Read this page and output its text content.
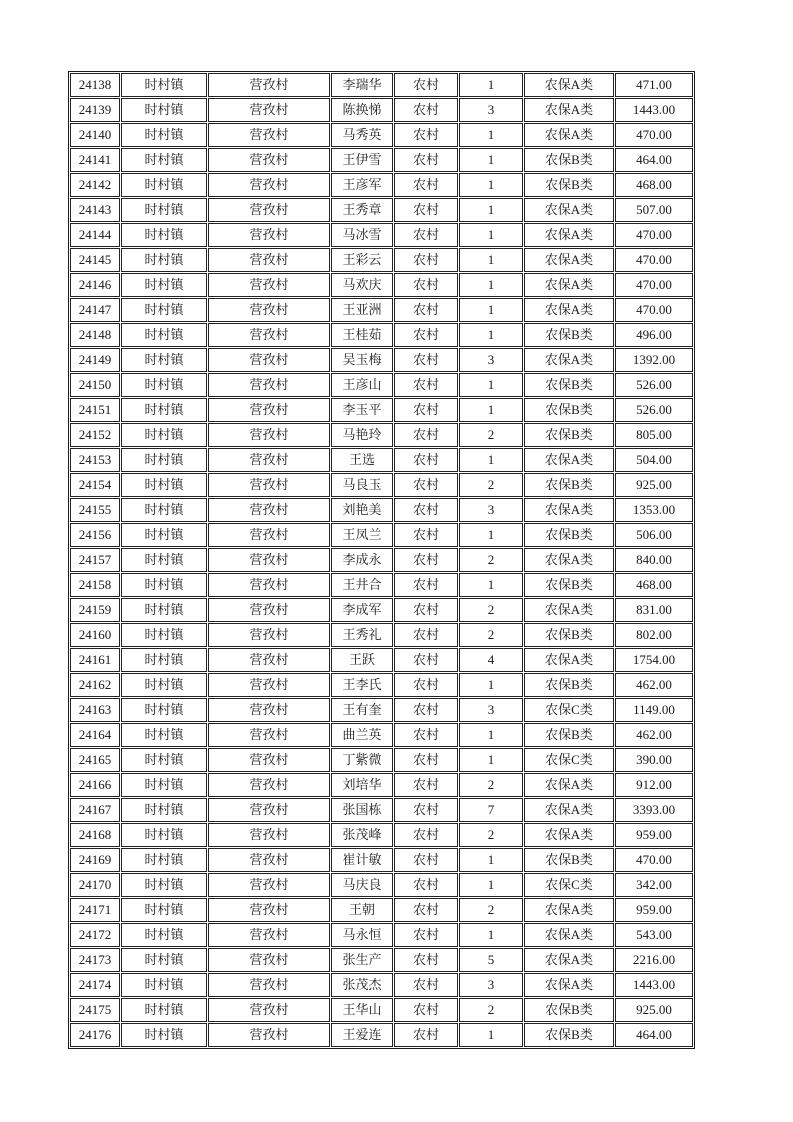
24138	时村镇	营孜村	李瑞华	农村	1	农保A类	471.00
24139	时村镇	营孜村	陈换悌	农村	3	农保A类	1443.00
24140	时村镇	营孜村	马秀英	农村	1	农保A类	470.00
24141	时村镇	营孜村	王伊雪	农村	1	农保B类	464.00
24142	时村镇	营孜村	王彦军	农村	1	农保B类	468.00
24143	时村镇	营孜村	王秀章	农村	1	农保A类	507.00
24144	时村镇	营孜村	马冰雪	农村	1	农保A类	470.00
24145	时村镇	营孜村	王彩云	农村	1	农保A类	470.00
24146	时村镇	营孜村	马欢庆	农村	1	农保A类	470.00
24147	时村镇	营孜村	王亚洲	农村	1	农保A类	470.00
24148	时村镇	营孜村	王桂茹	农村	1	农保B类	496.00
24149	时村镇	营孜村	吴玉梅	农村	3	农保A类	1392.00
24150	时村镇	营孜村	王彦山	农村	1	农保B类	526.00
24151	时村镇	营孜村	李玉平	农村	1	农保B类	526.00
24152	时村镇	营孜村	马艳玲	农村	2	农保B类	805.00
24153	时村镇	营孜村	王选	农村	1	农保A类	504.00
24154	时村镇	营孜村	马良玉	农村	2	农保B类	925.00
24155	时村镇	营孜村	刘艳美	农村	3	农保A类	1353.00
24156	时村镇	营孜村	王凤兰	农村	1	农保B类	506.00
24157	时村镇	营孜村	李成永	农村	2	农保A类	840.00
24158	时村镇	营孜村	王井合	农村	1	农保B类	468.00
24159	时村镇	营孜村	李成军	农村	2	农保A类	831.00
24160	时村镇	营孜村	王秀礼	农村	2	农保B类	802.00
24161	时村镇	营孜村	王跃	农村	4	农保A类	1754.00
24162	时村镇	营孜村	王李氏	农村	1	农保B类	462.00
24163	时村镇	营孜村	王有奎	农村	3	农保C类	1149.00
24164	时村镇	营孜村	曲兰英	农村	1	农保B类	462.00
24165	时村镇	营孜村	丁紫微	农村	1	农保C类	390.00
24166	时村镇	营孜村	刘培华	农村	2	农保A类	912.00
24167	时村镇	营孜村	张国栋	农村	7	农保A类	3393.00
24168	时村镇	营孜村	张茂峰	农村	2	农保A类	959.00
24169	时村镇	营孜村	崔计敏	农村	1	农保B类	470.00
24170	时村镇	营孜村	马庆良	农村	1	农保C类	342.00
24171	时村镇	营孜村	王朝	农村	2	农保A类	959.00
24172	时村镇	营孜村	马永恒	农村	1	农保A类	543.00
24173	时村镇	营孜村	张生产	农村	5	农保A类	2216.00
24174	时村镇	营孜村	张茂杰	农村	3	农保A类	1443.00
24175	时村镇	营孜村	王华山	农村	2	农保B类	925.00
24176	时村镇	营孜村	王爱连	农村	1	农保B类	464.00
